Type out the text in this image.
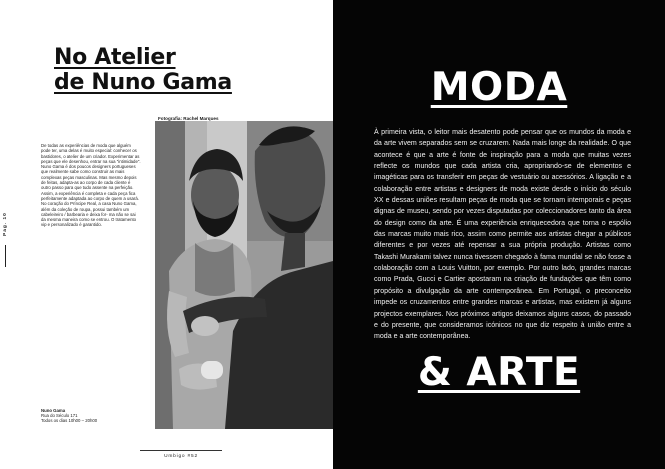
No Atelier
de Nuno Gama
Fotografia: Rachel Marques

De todas as experiências de moda que alguém pode ter, uma delas é muito especial: conhecer os bastidores, o atelier de um criador. Experimentar as peças que ele desenhou, entrar na sua "intimidade". Nuno Gama é dos poucos designers portugueses que realmente sabe como construir as mais complexas peças masculinas. Mas mesmo depois de feitas, adapta-as ao corpo de cada cliente é outro passo para que tudo assente na perfeição. Assim, a experiência é completa e cada peça fica perfeitamente adaptada ao corpo de quem a usará. No coração do Príncipe Real, a casa Nuno Gama, além da coleção de roupa, possui também um cabeleireiro / barbearia e deixa for- ma não se sai da mesma maneira como se entrou. O tratamento vip e personalizado é garantido.

Pag. 10
Nuno Gama
Rua do Século 171
Todos os dias 10h00 – 20h00
Umbigo #52
MODA

À primeira vista, o leitor mais desatento pode pensar que os mundos da moda e da arte vivem separados sem se cruzarem. Nada mais longe da realidade. O que acontece é que a arte é fonte de inspiração para a moda que muitas vezes reflecte os mundos que cada artista cria, apropriando-se de elementos e imagéticas para os transferir em peças de vestuário ou acessórios. A ligação e a colaboração entre artistas e designers de moda existe desde o início do século XX e dessas uniões resultam peças de moda que se tornam intemporais e peças dignas de museu, sendo por vezes disputadas por coleccionadores tanto da área do design como da arte. É uma experiência enriquecedora que torna o espólio das marcas muito mais rico, assim como permite aos artistas chegar a públicos diferentes e por vezes até repensar a sua própria produção. Artistas como Takashi Murakami talvez nunca tivessem chegado à fama mundial se não fosse a colaboração com a Louis Vuitton, por exemplo. Por outro lado, grandes marcas como Prada, Gucci e Cartier apostaram na criação de fundações que têm como propósito a divulgação da arte contemporânea. Em Portugal, o preconceito impede os cruzamentos entre grandes marcas e artistas, mas existem já alguns projectos exemplares. Nos próximos artigos deixamos alguns casos, do passado e do presente, que consideramos icónicos no que diz respeito à união entre a moda e a arte contemporânea.

& ARTE
